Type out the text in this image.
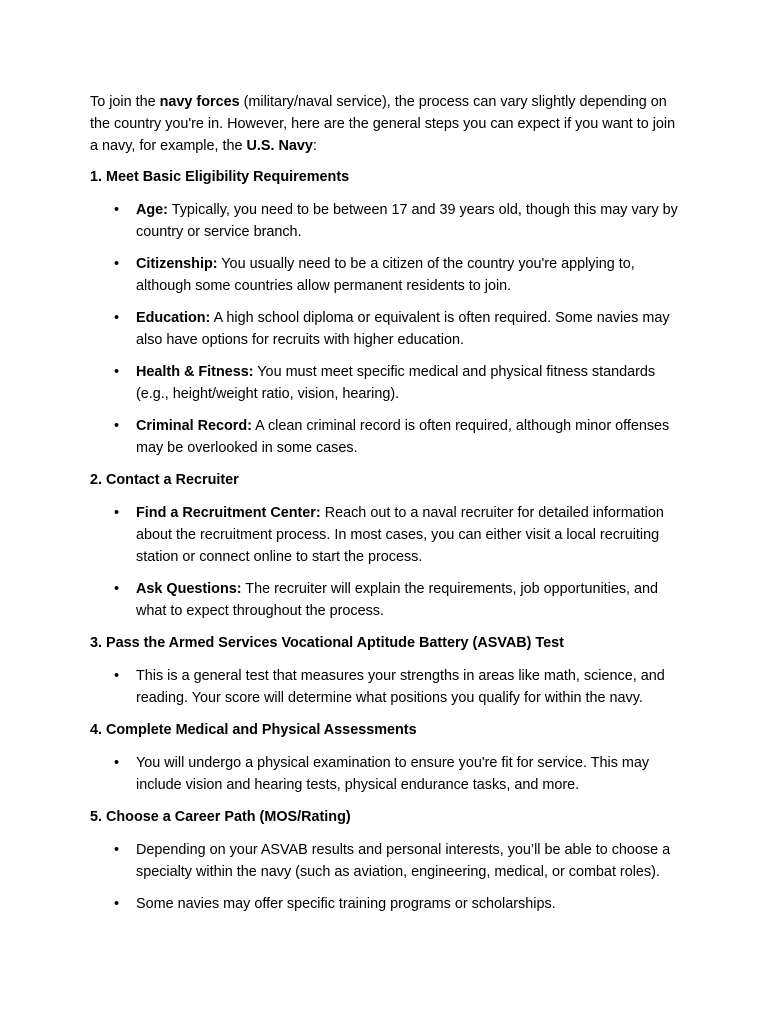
To join the navy forces (military/naval service), the process can vary slightly depending on the country you're in. However, here are the general steps you can expect if you want to join a navy, for example, the U.S. Navy:

1. Meet Basic Eligibility Requirements

• Age: Typically, you need to be between 17 and 39 years old, though this may vary by country or service branch.
• Citizenship: You usually need to be a citizen of the country you're applying to, although some countries allow permanent residents to join.
• Education: A high school diploma or equivalent is often required. Some navies may also have options for recruits with higher education.
• Health & Fitness: You must meet specific medical and physical fitness standards (e.g., height/weight ratio, vision, hearing).
• Criminal Record: A clean criminal record is often required, although minor offenses may be overlooked in some cases.

2. Contact a Recruiter

• Find a Recruitment Center: Reach out to a naval recruiter for detailed information about the recruitment process. In most cases, you can either visit a local recruiting station or connect online to start the process.
• Ask Questions: The recruiter will explain the requirements, job opportunities, and what to expect throughout the process.

3. Pass the Armed Services Vocational Aptitude Battery (ASVAB) Test

• This is a general test that measures your strengths in areas like math, science, and reading. Your score will determine what positions you qualify for within the navy.

4. Complete Medical and Physical Assessments

• You will undergo a physical examination to ensure you're fit for service. This may include vision and hearing tests, physical endurance tasks, and more.

5. Choose a Career Path (MOS/Rating)

• Depending on your ASVAB results and personal interests, you’ll be able to choose a specialty within the navy (such as aviation, engineering, medical, or combat roles).
• Some navies may offer specific training programs or scholarships.
